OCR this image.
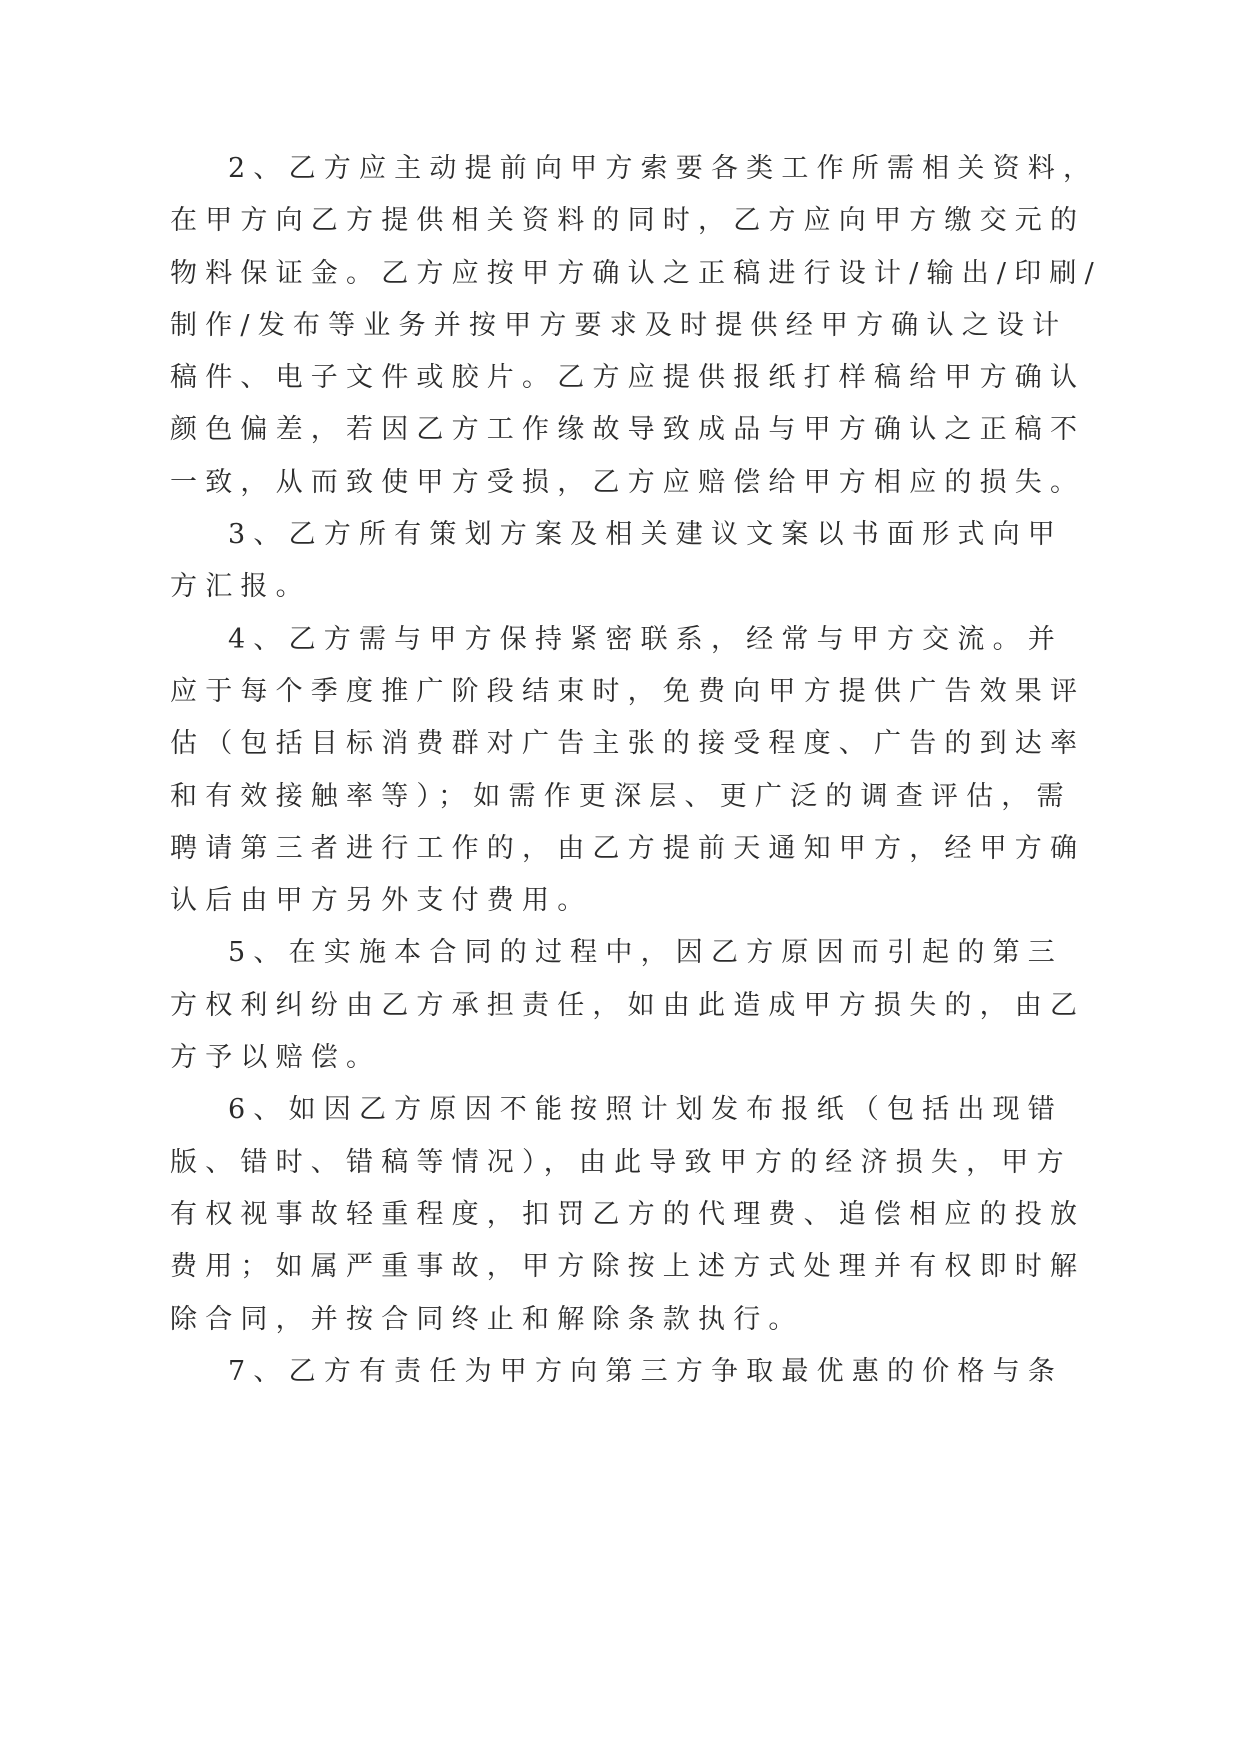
2、乙方应主动提前向甲方索要各类工作所需相关资料，
在甲方向乙方提供相关资料的同时，乙方应向甲方缴交元的
物料保证金。乙方应按甲方确认之正稿进行设计/输出/印刷/
制作/发布等业务并按甲方要求及时提供经甲方确认之设计
稿件、电子文件或胶片。乙方应提供报纸打样稿给甲方确认
颜色偏差，若因乙方工作缘故导致成品与甲方确认之正稿不
一致，从而致使甲方受损，乙方应赔偿给甲方相应的损失。
3、乙方所有策划方案及相关建议文案以书面形式向甲
方汇报。
4、乙方需与甲方保持紧密联系，经常与甲方交流。并
应于每个季度推广阶段结束时，免费向甲方提供广告效果评
估（包括目标消费群对广告主张的接受程度、广告的到达率
和有效接触率等）；如需作更深层、更广泛的调查评估，需
聘请第三者进行工作的，由乙方提前天通知甲方，经甲方确
认后由甲方另外支付费用。
5、在实施本合同的过程中，因乙方原因而引起的第三
方权利纠纷由乙方承担责任，如由此造成甲方损失的，由乙
方予以赔偿。
6、如因乙方原因不能按照计划发布报纸（包括出现错
版、错时、错稿等情况），由此导致甲方的经济损失，甲方
有权视事故轻重程度，扣罚乙方的代理费、追偿相应的投放
费用；如属严重事故，甲方除按上述方式处理并有权即时解
除合同，并按合同终止和解除条款执行。
7、乙方有责任为甲方向第三方争取最优惠的价格与条
